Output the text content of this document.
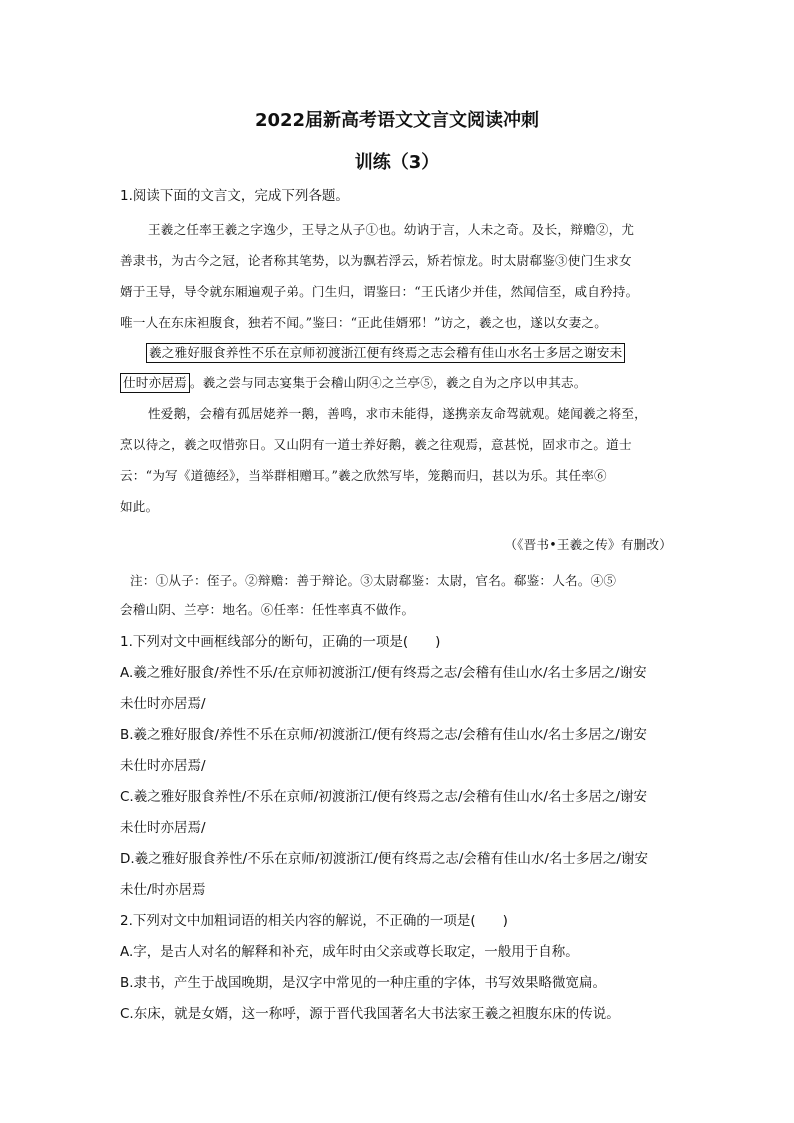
2022届新高考语文文言文阅读冲刺
训练（3）
1.阅读下面的文言文，完成下列各题。
王羲之任率王羲之字逸少，王导之从子①也。幼讷于言，人未之奇。及长，辩赡②，尤
善隶书，为古今之冠，论者称其笔势，以为飘若浮云，矫若惊龙。时太尉郗鉴③使门生求女
婿于王导，导令就东厢遍观子弟。门生归，谓鉴曰：“王氏诸少并佳，然闻信至，咸自矜持。
唯一人在东床袒腹食，独若不闻。”鉴曰：“正此佳婿邪！”访之，羲之也，遂以女妻之。
羲之雅好服食养性不乐在京师初渡浙江便有终焉之志会稽有佳山水名士多居之谢安未
仕时亦居焉 。羲之尝与同志宴集于会稽山阴④之兰亭⑤，羲之自为之序以申其志。
性爱鹅，会稽有孤居姥养一鹅，善鸣，求市未能得，遂携亲友命驾就观。姥闻羲之将至，
烹以待之，羲之叹惜弥日。又山阴有一道士养好鹅，羲之往观焉，意甚悦，固求市之。道士
云：“为写《道德经》，当举群相赠耳。”羲之欣然写毕，笼鹅而归，甚以为乐。其任率⑥
如此。
（《晋书•王羲之传》有删改）
注：①从子：侄子。②辩赡：善于辩论。③太尉郗鉴：太尉，官名。郗鉴：人名。④⑤
会稽山阴、兰亭：地名。⑥任率：任性率真不做作。
1.下列对文中画框线部分的断句，正确的一项是(　　)
A.羲之雅好服食/养性不乐/在京师初渡浙江/便有终焉之志/会稽有佳山水/名士多居之/谢安
未仕时亦居焉/
B.羲之雅好服食/养性不乐在京师/初渡浙江/便有终焉之志/会稽有佳山水/名士多居之/谢安
未仕时亦居焉/
C.羲之雅好服食养性/不乐在京师/初渡浙江/便有终焉之志/会稽有佳山水/名士多居之/谢安
未仕时亦居焉/
D.羲之雅好服食养性/不乐在京师/初渡浙江/便有终焉之志/会稽有佳山水/名士多居之/谢安
未仕/时亦居焉
2.下列对文中加粗词语的相关内容的解说，不正确的一项是(　　)
A.字，是古人对名的解释和补充，成年时由父亲或尊长取定，一般用于自称。
B.隶书，产生于战国晚期，是汉字中常见的一种庄重的字体，书写效果略微宽扁。
C.东床，就是女婿，这一称呼，源于晋代我国著名大书法家王羲之袒腹东床的传说。
